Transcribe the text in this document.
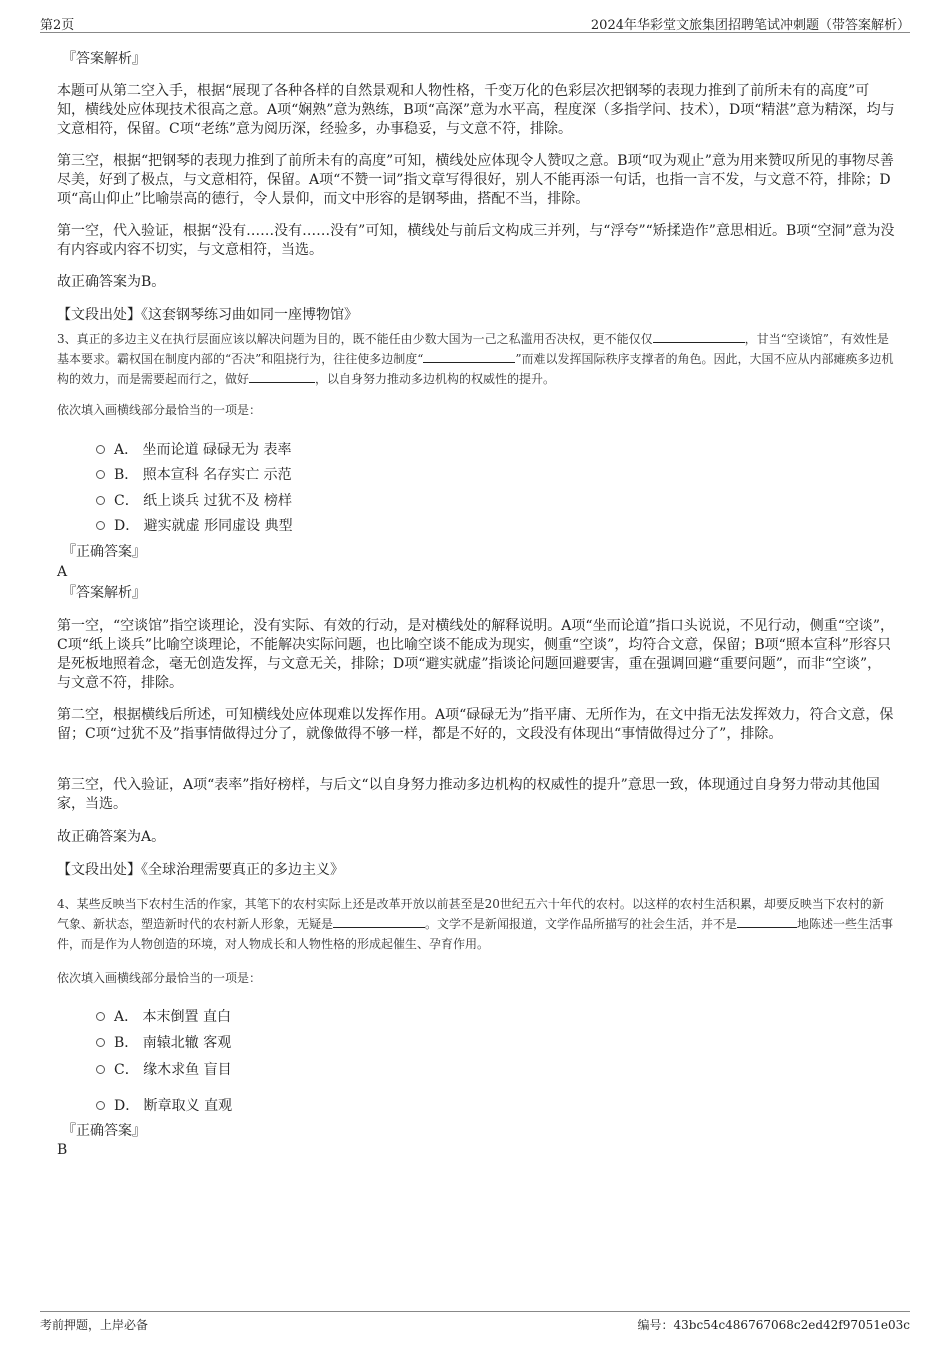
第2页	2024年华彩堂文旅集团招聘笔试冲刺题（带答案解析）
『答案解析』
本题可从第二空入手，根据“展现了各种各样的自然景观和人物性格，千变万化的色彩层次把钢琴的表现力推到了前所未有的高度”可知，横线处应体现技术很高之意。A项“娴熟”意为熟练，B项“高深”意为水平高，程度深（多指学问、技术），D项“精湛”意为精深，均与文意相符，保留。C项“老练”意为阅历深，经验多，办事稳妥，与文意不符，排除。
第三空，根据“把钢琴的表现力推到了前所未有的高度”可知，横线处应体现令人赞叹之意。B项“叹为观止”意为用来赞叹所见的事物尽善尽美，好到了极点，与文意相符，保留。A项“不赞一词”指文章写得很好，别人不能再添一句话，也指一言不发，与文意不符，排除；D项“高山仰止”比喻崇高的德行，令人景仰，而文中形容的是钢琴曲，搭配不当，排除。
第一空，代入验证，根据“没有……没有……没有”可知，横线处与前后文构成三并列，与“浮夸”“矫揉造作”意思相近。B项“空洞”意为没有内容或内容不切实，与文意相符，当选。
故正确答案为B。
【文段出处】《这套钢琴练习曲如同一座博物馆》
3、真正的多边主义在执行层面应该以解决问题为目的，既不能任由少数大国为一己之私滥用否决权，更不能仅仅	，甘当“空谈馆”，有效性是基本要求。霸权国在制度内部的“否决”和阻挠行为，往往使多边制度“	”而难以发挥国际秩序支撑者的角色。因此，大国不应从内部瘫痪多边机构的效力，而是需要起而行之，做好	，以自身努力推动多边机构的权威性的提升。
依次填入画横线部分最恰当的一项是：
A． 坐而论道 碌碌无为 表率
B． 照本宣科 名存实亡 示范
C． 纸上谈兵 过犹不及 榜样
D． 避实就虚 形同虚设 典型
『正确答案』
A
『答案解析』
第一空，“空谈馆”指空谈理论，没有实际、有效的行动，是对横线处的解释说明。A项“坐而论道”指口头说说，不见行动，侧重“空谈”，C项“纸上谈兵”比喻空谈理论，不能解决实际问题，也比喻空谈不能成为现实，侧重“空谈”，均符合文意，保留；B项“照本宣科”形容只是死板地照着念，毫无创造发挥，与文意无关，排除；D项“避实就虚”指谈论问题回避要害，重在强调回避“重要问题”，而非“空谈”，与文意不符，排除。
第二空，根据横线后所述，可知横线处应体现难以发挥作用。A项“碌碌无为”指平庸、无所作为，在文中指无法发挥效力，符合文意，保留；C项“过犹不及”指事情做得过分了，就像做得不够一样，都是不好的，文段没有体现出“事情做得过分了”，排除。
第三空，代入验证，A项“表率”指好榜样，与后文“以自身努力推动多边机构的权威性的提升”意思一致，体现通过自身努力带动其他国家，当选。
故正确答案为A。
【文段出处】《全球治理需要真正的多边主义》
4、某些反映当下农村生活的作家，其笔下的农村实际上还是改革开放以前甚至是20世纪五六十年代的农村。以这样的农村生活积累，却要反映当下农村的新气象、新状态，塑造新时代的农村新人形象，无疑是	。文学不是新闻报道，文学作品所描写的社会生活，并不是	地陈述一些生活事件，而是作为人物创造的环境，对人物成长和人物性格的形成起催生、孕育作用。
依次填入画横线部分最恰当的一项是：
A． 本末倒置 直白
B． 南辕北辙 客观
C． 缘木求鱼 盲目
D． 断章取义 直观
『正确答案』
B
考前押题，上岸必备	编号：43bc54c486767068c2ed42f97051e03c
